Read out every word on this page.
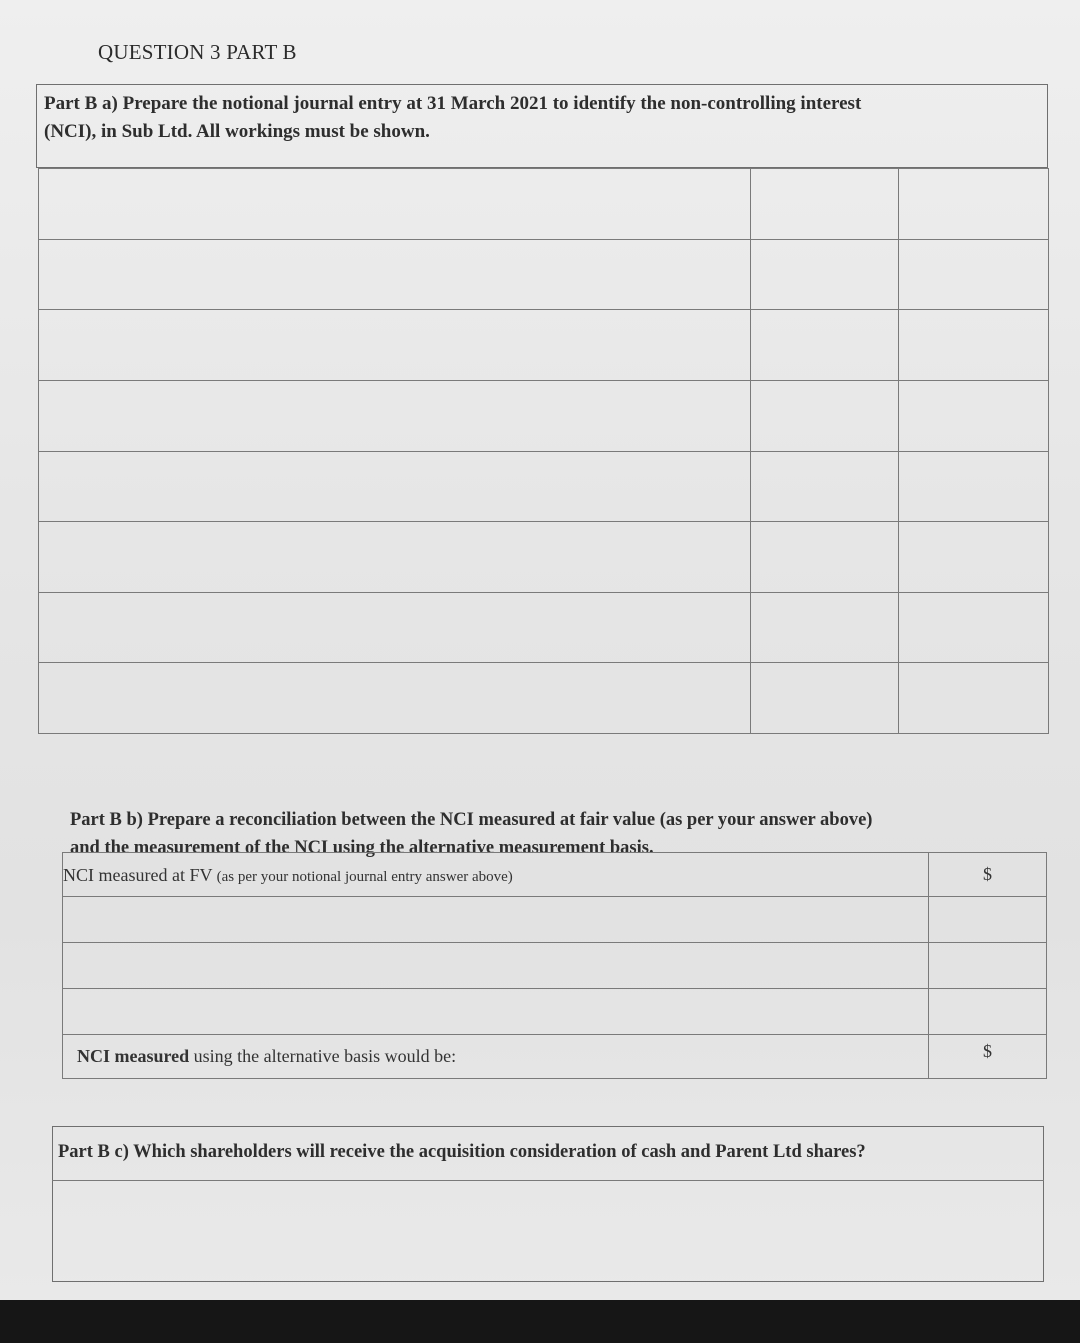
QUESTION 3 PART B
Part B a) Prepare the notional journal entry at 31 March 2021 to identify the non-controlling interest
(NCI), in Sub Ltd. All workings must be shown.

Part B b) Prepare a reconciliation between the NCI measured at fair value (as per your answer above)
and the measurement of the NCI using the alternative measurement basis.
NCI measured at FV (as per your notional journal entry answer above)	$

NCI measured using the alternative basis would be:	$
Part B c) Which shareholders will receive the acquisition consideration of cash and Parent Ltd shares?
